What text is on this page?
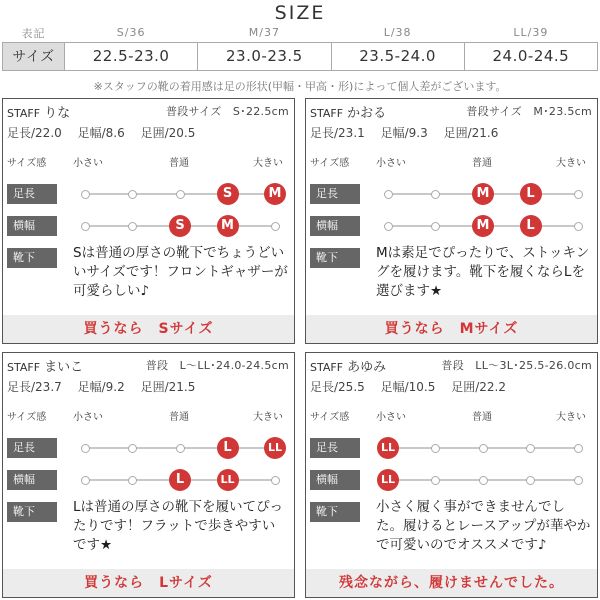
SIZE
表記	S/36	M/37	L/38	LL/39
サイズ	22.5-23.0	23.0-23.5	23.5-24.0	24.0-24.5
※スタッフの靴の着用感は足の形状(甲幅・甲高・形)によって個人差がございます。
STAFF りな	普段サイズ　S･22.5cm
足長/22.0 足幅/8.6 足囲/20.5
サイズ感	小さい	普通	大きい
足長
横幅
靴下	Sは普通の厚さの靴下でちょうどいいサイズです！フロントギャザーが可愛らしい♪
買うなら　Sサイズ
S	M
S	M
STAFF かおる	普段サイズ　M･23.5cm
足長/23.1 足幅/9.3 足囲/21.6
サイズ感	小さい	普通	大きい
足長
横幅
靴下	Mは素足でぴったりで、ストッキングを履けます。靴下を履くならLを選びます★
買うなら　Mサイズ
M	L
M	L
STAFF まいこ	普段　L〜LL･24.0-24.5cm
足長/23.7 足幅/9.2 足囲/21.5
サイズ感	小さい	普通	大きい
足長
横幅
靴下	Lは普通の厚さの靴下を履いてぴったりです！フラットで歩きやすいです★
買うなら　Lサイズ
L	LL
L	LL
STAFF あゆみ	普段　LL〜3L･25.5-26.0cm
足長/25.5 足幅/10.5 足囲/22.2
サイズ感	小さい	普通	大きい
足長
横幅
靴下	小さく履く事ができませんでした。履けるとレースアップが華やかで可愛いのでオススメです♪
残念ながら、履けませんでした。
LL
LL
